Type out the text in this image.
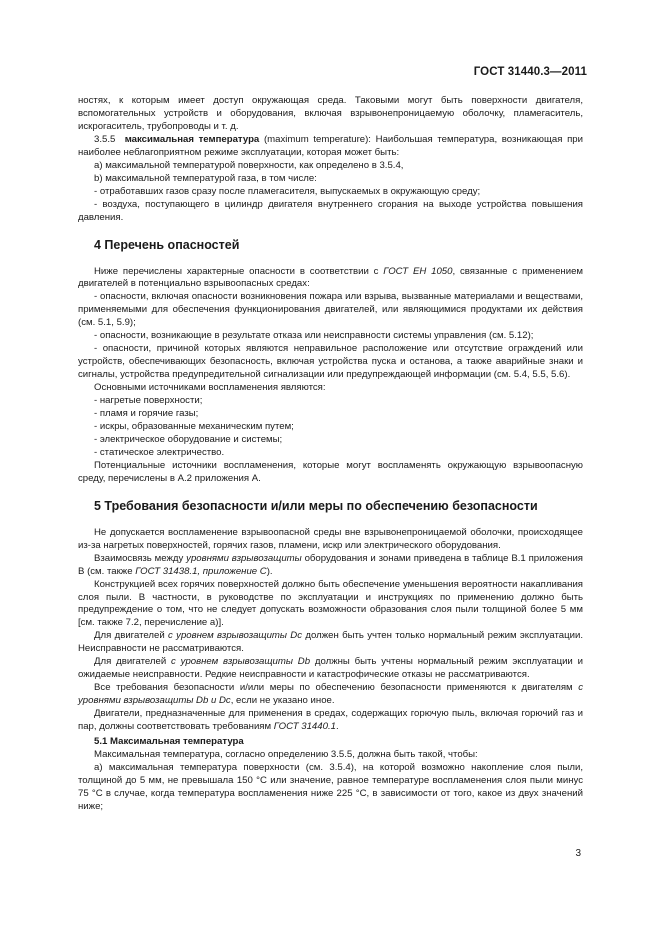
ГОСТ 31440.3—2011

ностях, к которым имеет доступ окружающая среда. Таковыми могут быть поверхности двигателя, вспомогательных устройств и оборудования, включая взрывонепроницаемую оболочку, пламегаситель, искрогаситель, трубопроводы и т. д.

3.5.5 максимальная температура (maximum temperature): Наибольшая температура, возникающая при наиболее неблагоприятном режиме эксплуатации, которая может быть:

a) максимальной температурой поверхности, как определено в 3.5.4,

b) максимальной температурой газа, в том числе:

- отработавших газов сразу после пламегасителя, выпускаемых в окружающую среду;

- воздуха, поступающего в цилиндр двигателя внутреннего сгорания на выходе устройства повышения давления.

4 Перечень опасностей

Ниже перечислены характерные опасности в соответствии с ГОСТ ЕН 1050, связанные с применением двигателей в потенциально взрывоопасных средах:

- опасности, включая опасности возникновения пожара или взрыва, вызванные материалами и веществами, применяемыми для обеспечения функционирования двигателей, или являющимися продуктами их действия (см. 5.1, 5.9);

- опасности, возникающие в результате отказа или неисправности системы управления (см. 5.12);

- опасности, причиной которых являются неправильное расположение или отсутствие ограждений или устройств, обеспечивающих безопасность, включая устройства пуска и останова, а также аварийные знаки и сигналы, устройства предупредительной сигнализации или предупреждающей информации (см. 5.4, 5.5, 5.6).

Основными источниками воспламенения являются:

- нагретые поверхности;

- пламя и горячие газы;

- искры, образованные механическим путем;

- электрическое оборудование и системы;

- статическое электричество.

Потенциальные источники воспламенения, которые могут воспламенять окружающую взрывоопасную среду, перечислены в А.2 приложения А.

5 Требования безопасности и/или меры по обеспечению безопасности

Не допускается воспламенение взрывоопасной среды вне взрывонепроницаемой оболочки, происходящее из-за нагретых поверхностей, горячих газов, пламени, искр или электрического оборудования.

Взаимосвязь между уровнями взрывозащиты оборудования и зонами приведена в таблице В.1 приложения В (см. также ГОСТ 31438.1, приложение С).

Конструкцией всех горячих поверхностей должно быть обеспечение уменьшения вероятности накапливания слоя пыли. В частности, в руководстве по эксплуатации и инструкциях по применению должно быть предупреждение о том, что не следует допускать возможности образования слоя пыли толщиной более 5 мм [см. также 7.2, перечисление а)].

Для двигателей с уровнем взрывозащиты Dc должен быть учтен только нормальный режим эксплуатации. Неисправности не рассматриваются.

Для двигателей с уровнем взрывозащиты Db должны быть учтены нормальный режим эксплуатации и ожидаемые неисправности. Редкие неисправности и катастрофические отказы не рассматриваются.

Все требования безопасности и/или меры по обеспечению безопасности применяются к двигателям с уровнями взрывозащиты Db и Dc, если не указано иное.

Двигатели, предназначенные для применения в средах, содержащих горючую пыль, включая горючий газ и пар, должны соответствовать требованиям ГОСТ 31440.1.

5.1 Максимальная температура

Максимальная температура, согласно определению 3.5.5, должна быть такой, чтобы:

а) максимальная температура поверхности (см. 3.5.4), на которой возможно накопление слоя пыли, толщиной до 5 мм, не превышала 150 °С или значение, равное температуре воспламенения слоя пыли минус 75 °С в случае, когда температура воспламенения ниже 225 °С, в зависимости от того, какое из двух значений ниже;

3
